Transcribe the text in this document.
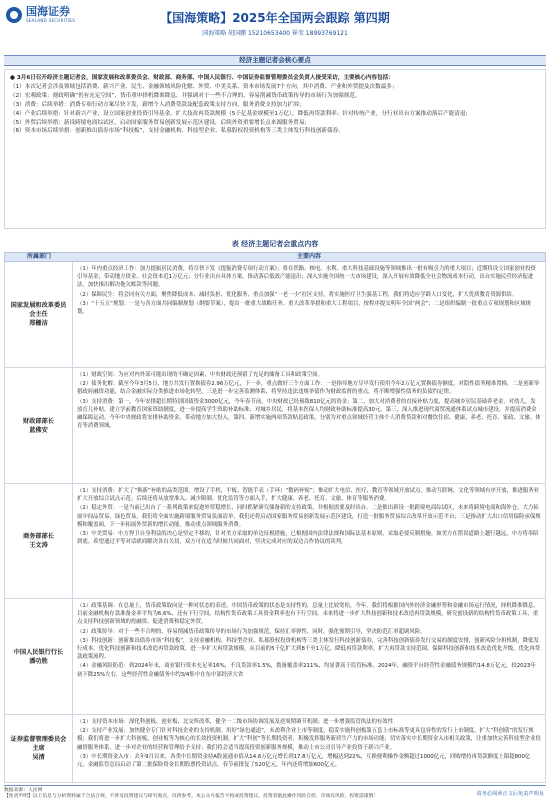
国海证券
SEALAND SECURITIES	【国海策略】2025年全国两会跟踪 第四期
国海策略 胡国鹏 15210653400 崔莹 18993769121
经济主题记者会核心要点

● 3月6日召开经济主题记者会，国家发展和改革委员会、财政部、商务部、中国人民银行、中国证券监督管理委员会负责人接受采访，主要核心内容包括：

（1）本次记者会涉及领域包括消费、新兴产业、民生、金融领域风险化解、外贸、中美关系、资本市场发展7个方向，其中消费、产业和外贸提及次数最多；

（2）宏观政策：财政明确“仍有充足空间”，货币重申择机降准降息，并强调对于一些不合理的、容易削减货币政策传导的市场行为加强规范。

（3）消费：后续举措：消费专项行动方案尽快下发，新增个人消费贷款及配套政策支持方向，服务消费支持加力扩围；

（4）产业后续举措：针对新兴产业，设立国家创业投资引导基金，扩大技改再贷款规模（5千亿基金规模至1万亿），降低再贷款利率；针对传统产业，分行业出台方案推动落后产能清退；

（5）外贸后续举措：新设跨境电商综试区，启动国家服务贸易创新发展示范区建设，后续外资重要增长点来源服务贸易；

（6）资本市场后续举措：创新推出债券市场“科技板”，支持金融机构、科技型企业、私募股权投资机构等三类主体发行科技创新债券。

表 经济主题记者会重点内容
所属部门	主要内容
国家发展和改革委员会主任
郑栅洁

（1）年内重点经济工作：加力提振居民消费，将尽快下发《提振消费专项行动方案》；将在铁路、核电、水利、重大科技基础设施等领域推出一批有吸引力的重大项目；近期将设立国家创业投资引导基金，带动地方资金、社会资本近1万亿元；分行业出台具体方案，推动落后低效产能退出；深入实施全国统一大市场建设，深入开展有效降低全社会物流成本行动，出台实施民营经济促进法，加快推出解决拖欠账款等问题。

（2）保障民生：将会同有关方面，聚焦降低成本、减轻负担、优化服务，重点加强“一老一小”社区支持，将实施医疗卫生强基工程，我们将适应学龄人口变化，扩大优质教育资源供给。

（3）“十五五”规划：一是与各方面共同编制规划（纲要草案），提出一批重大战略任务、重大改革举措和重大工程项目，按程序提交明年全国“两会”；二是组织编制一批重点专项规划和区域规划。

财政部部长
蓝佛安

（1）财政空间：为应对内外部可能出现的不确定因素，中央财政还预留了充足的储备工具和政策空间。

（2）债务化解：截至今年3月5日，地方共发行置换债券2.96万亿元，下一步，重点做好三个方面工作：一是指导地方尽早发行使用今年2万亿元置换债券额度，对隐性债务精准置换，二是创新举措政府融资功能，结合金融实际分类推进市场化转型。三是进一步完善监测体系，将坚持违法违规举债作为财政监督的重点，将不断增强性债务的负债约定律。

（3）支持消费：第一，今年安排超长期特别国债资金3000亿元，今年春节前，中央财政已经预拨810亿元的资金；第二，加大对消费者的直接补贴力度，提高城乡居民基础养老金，对幼儿，发放育儿补贴，建立学前教育国家资助制度，进一步提高学生资助补助标准；对城乡居民，将基本医保人均财政补助标准提高30元，第三，深入推进现代商贸流通体系试点城市建设，并提高消费金融保障运动。今年中央财政将安排补助资金，带动地方加大投入。第四，新增实施两项贷款贴息政策，分别为对重点领域经营主体个人消费贷款和对餐饮住宿、健康、养老、托育、家政、文旅、体育等消费领域。

商务部部长
王文涛

（1）支持消费：扩大了“换新”补贴的品类范围，增设了手机、平板、智能手表（手环）“数码补贴”；推动扩大电信、医疗、教育等领域开放试点，推动互联网、文化等领域有序开放，推进服务业扩大开放综合试点示范；后续还将从放宽准入、减少限制、优化监管等方面入手，扩大健康、养老、托育、文旅、体育等服务消费。

（2）稳定外贸：一是当前已出台了一系列政策来促进外贸稳增长，同时抓紧研究储备新的支持政策，并根据需要及时出台。二是推出新设一批跨境电商综试区，未来将跨境电商和海外仓，大力拓展中间品贸易、绿色贸易，我们将全面实施跨境服务贸易负面清单，我们还将启动国家服务贸易创新发展示范区建设，打造一批服务贸易综合改革开放示范平台；三是推动扩大出口信用保险承保规模和覆盖面，下一步拓展外贸新的增长动能，推动重点领域服务消费。

（3）中美贸易：中方捍卫自身利益的决心是坚定不移的，针对美方采取的单边征税措施，已根据国内法律法规和国际法基本原则，采取必要反制措施。如美方在错误道路上越行越远，中方将奉陪到底。希望通过平等对话磋商解决各自关切，双方可在适当时候共同面对，坚决完成对应的双边合作协议的谈判。

中国人民银行行长
潘功胜

（1）政策基调：在总量上，货币政策取向是一种对状态的表述。中国货币政策的状态是支持性的，总量上比较宽松。今年，我们将根据国内外经济金融形势和金融市场运行情况，择机降准降息，目前金融机构存款准备金率平均为6.6%，还有下行空间，结构性货币政策工具资金利率也有下行空间。未来将进一步扩大科技创新和技术改造再贷款规模，研究创设新的结构性货币政策工具，重点支持科技创新领域的投融资、促进消费和稳定外贸。

（2）政策传导：对于一些不合理的、容易削减货币政策传导的市场行为加强规范，保持汇率弹性，同时，强化预期引导，坚决防范汇率超调风险。

（3）科技创新：创新推出债券市场“科技板”，支持金融机构、科技型企业、私募股权投资机构等三类主体发行科技创新债券，完善科技创新债券发行交易的制度安排，创新风险分担机制，降低发行成本。优化科技创新和技术改造再贷款政策，进一步扩大再贷款规模，从目前的5千亿扩大到8千至1万亿，降低再贷款利率，扩大再贷款支持范围，保障科技创新和技术改造优化升级，优化再贷款政策流程。

（4）金融风险防范：到2024年末，商业银行资本充足率16%，不良贷款率1.5%，拨备覆盖率211%，均显著高于监管标准。2024年，融资平台经营性金融债务规模约14.8万亿元，较2023年初下降25%左右，这些经营性金融债务中约3/4集中在东中部经济大省

证券监督管理委员会主席
吴清

（1）支持资本市场：深化科创板、创业板、北交所改革，健全一二级市场协调发展及逆周期调节机制；进一步增强监管执法的有效性

（2）支持产业发展：加快健全专门针对科技企业的支持机制。用好“绿色通道”，未盈利企业上市等制度，稳妥实施科创板第五套上市标准等更具包容性的发行上市制度，扩大“科创债”的发行规模；我们将进一步扩大科创板，创业板等为核心的长效投资机制，扩大“科创”等长期投资者，积极发挥服务新质生产力的市场功能；切实落实中长期资金入市相关政策，注重加快完善科技型企业投融资服务体系，进一步对企业的经营和管理给予支持；我们将会适当提高投资创新服务规模，推动上市公司引导产业投资于新兴产业。

（3）中长期资金入市：去年9月以来，各类中长期资金持A股流通市值从14.6万亿元增长到17.8万亿元，增幅达到22%，互换便利操作金额超过1000亿元，回购增持再贷款额度上限超800亿元，金融监管总局启动了第二批保险资金长期股票投资试点，春节前批复了520亿元，年内还将增加600亿元。

数据来源：人民网
【免责声明】以上信息与分析资料属于合法合规，不涉及投资建议与研究观点，仅供参考。本公众号报告不构成投资建议，投资者据此操作风险自担，市场有风险，投资需谨慎！	请务必阅读正文后免责声明及
